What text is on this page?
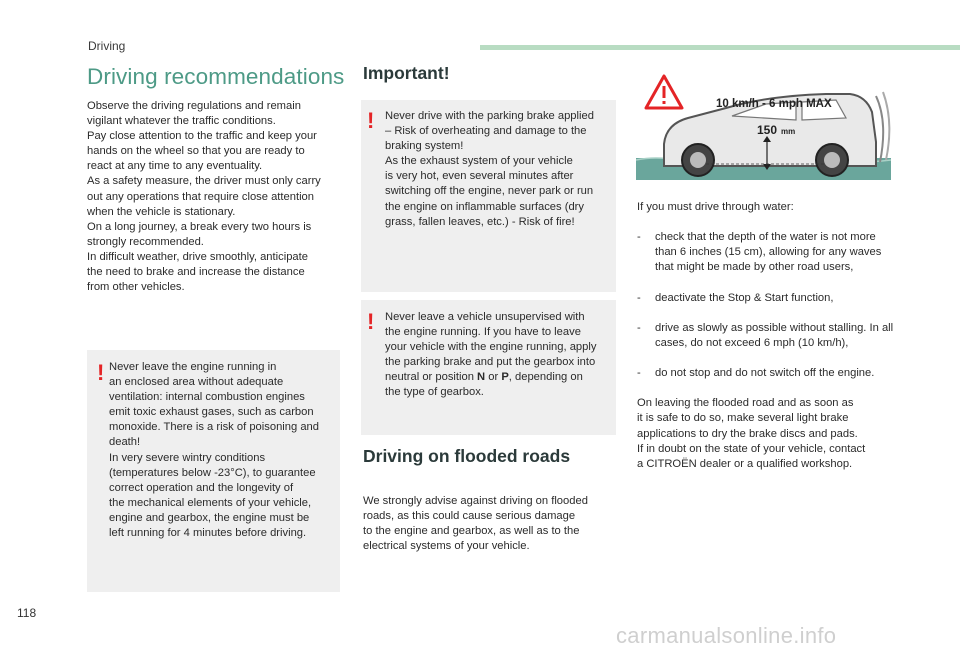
Driving
Driving recommendations
Observe the driving regulations and remain
vigilant whatever the traffic conditions.
Pay close attention to the traffic and keep your
hands on the wheel so that you are ready to
react at any time to any eventuality.
As a safety measure, the driver must only carry
out any operations that require close attention
when the vehicle is stationary.
On a long journey, a break every two hours is
strongly recommended.
In difficult weather, drive smoothly, anticipate
the need to brake and increase the distance
from other vehicles.
! Never leave the engine running in
an enclosed area without adequate
ventilation: internal combustion engines
emit toxic exhaust gases, such as carbon
monoxide. There is a risk of poisoning and
death!
In very severe wintry conditions
(temperatures below -23°C), to guarantee
correct operation and the longevity of
the mechanical elements of your vehicle,
engine and gearbox, the engine must be
left running for 4 minutes before driving.
Important!
! Never drive with the parking brake applied
– Risk of overheating and damage to the
braking system!
As the exhaust system of your vehicle
is very hot, even several minutes after
switching off the engine, never park or run
the engine on inflammable surfaces (dry
grass, fallen leaves, etc.) - Risk of fire!
! Never leave a vehicle unsupervised with
the engine running. If you have to leave
your vehicle with the engine running, apply
the parking brake and put the gearbox into
neutral or position N or P, depending on
the type of gearbox.
Driving on flooded roads
We strongly advise against driving on flooded
roads, as this could cause serious damage
to the engine and gearbox, as well as to the
electrical systems of your vehicle.
10 km/h - 6 mph MAX
150 mm

If you must drive through water:

-	check that the depth of the water is not more than 6 inches (15 cm), allowing for any waves that might be made by other road users,

-	deactivate the Stop & Start function,

-	drive as slowly as possible without stalling. In all cases, do not exceed 6 mph (10 km/h),

-	do not stop and do not switch off the engine.

On leaving the flooded road and as soon as
it is safe to do so, make several light brake
applications to dry the brake discs and pads.
If in doubt on the state of your vehicle, contact
a CITROËN dealer or a qualified workshop.

118
carmanualsonline.info
